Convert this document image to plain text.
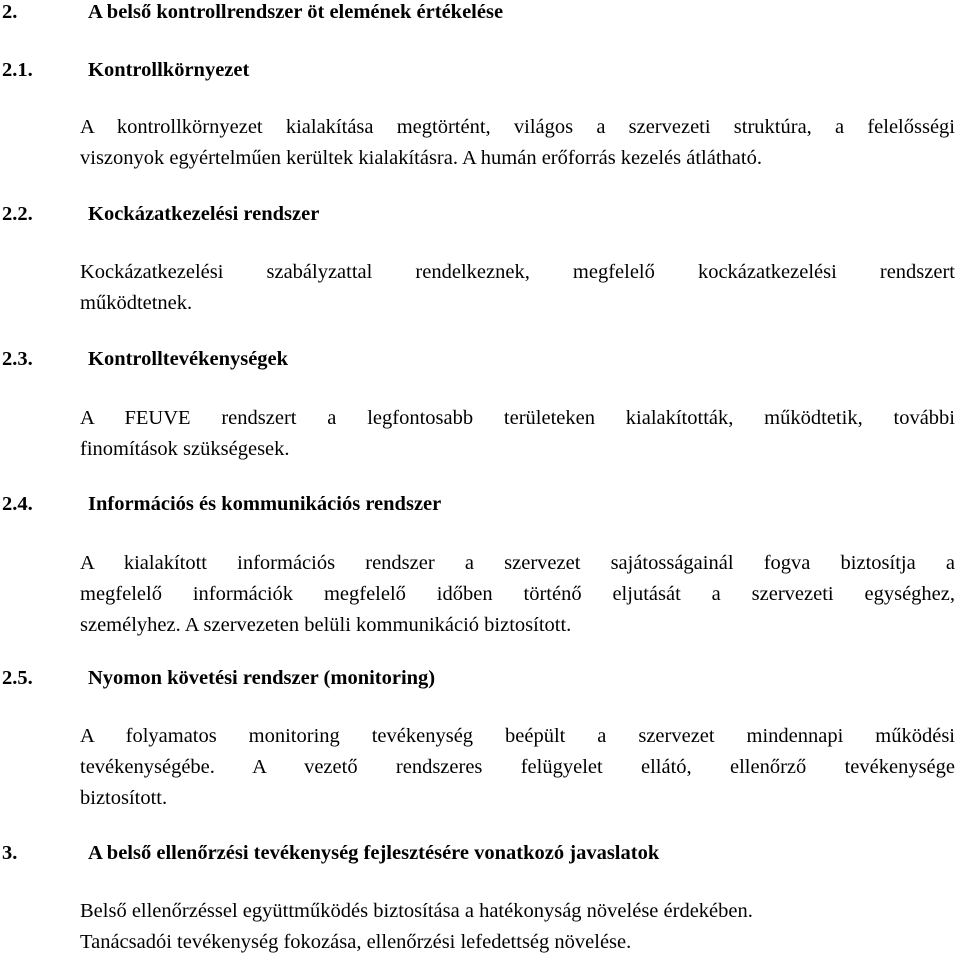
2.	A belső kontrollrendszer öt elemének értékelése
2.1.	Kontrollkörnyezet
A kontrollkörnyezet kialakítása megtörtént, világos a szervezeti struktúra, a felelősségi
viszonyok egyértelműen kerültek kialakításra. A humán erőforrás kezelés átlátható.
2.2.	Kockázatkezelési rendszer
Kockázatkezelési szabályzattal rendelkeznek, megfelelő kockázatkezelési rendszert
működtetnek.
2.3.	Kontrolltevékenységek
A FEUVE rendszert a legfontosabb területeken kialakították, működtetik, további
finomítások szükségesek.
2.4.	Információs és kommunikációs rendszer
A kialakított információs rendszer a szervezet sajátosságainál fogva biztosítja a
megfelelő információk megfelelő időben történő eljutását a szervezeti egységhez,
személyhez. A szervezeten belüli kommunikáció biztosított.
2.5.	Nyomon követési rendszer (monitoring)
A folyamatos monitoring tevékenység beépült a szervezet mindennapi működési
tevékenységébe. A vezető rendszeres felügyelet ellátó, ellenőrző tevékenysége
biztosított.
3.	A belső ellenőrzési tevékenység fejlesztésére vonatkozó javaslatok
Belső ellenőrzéssel együttműködés biztosítása a hatékonyság növelése érdekében.
Tanácsadói tevékenység fokozása, ellenőrzési lefedettség növelése.
